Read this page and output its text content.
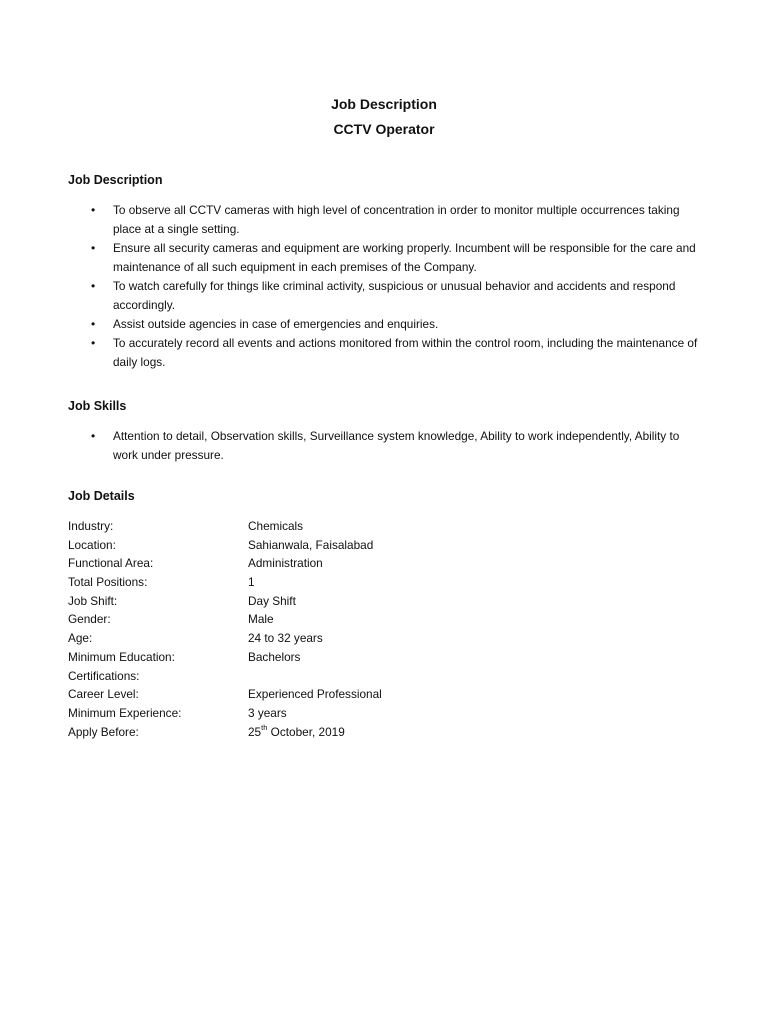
Job Description
CCTV Operator
Job Description
• To observe all CCTV cameras with high level of concentration in order to monitor multiple occurrences taking place at a single setting.
• Ensure all security cameras and equipment are working properly. Incumbent will be responsible for the care and maintenance of all such equipment in each premises of the Company.
• To watch carefully for things like criminal activity, suspicious or unusual behavior and accidents and respond accordingly.
• Assist outside agencies in case of emergencies and enquiries.
• To accurately record all events and actions monitored from within the control room, including the maintenance of daily logs.
Job Skills
• Attention to detail, Observation skills, Surveillance system knowledge, Ability to work independently, Ability to work under pressure.
Job Details
Industry:	Chemicals
Location:	Sahianwala, Faisalabad
Functional Area:	Administration
Total Positions:	1
Job Shift:	Day Shift
Gender:	Male
Age:	24 to 32 years
Minimum Education:	Bachelors
Certifications:
Career Level:	Experienced Professional
Minimum Experience:	3 years
Apply Before:	25th October, 2019
